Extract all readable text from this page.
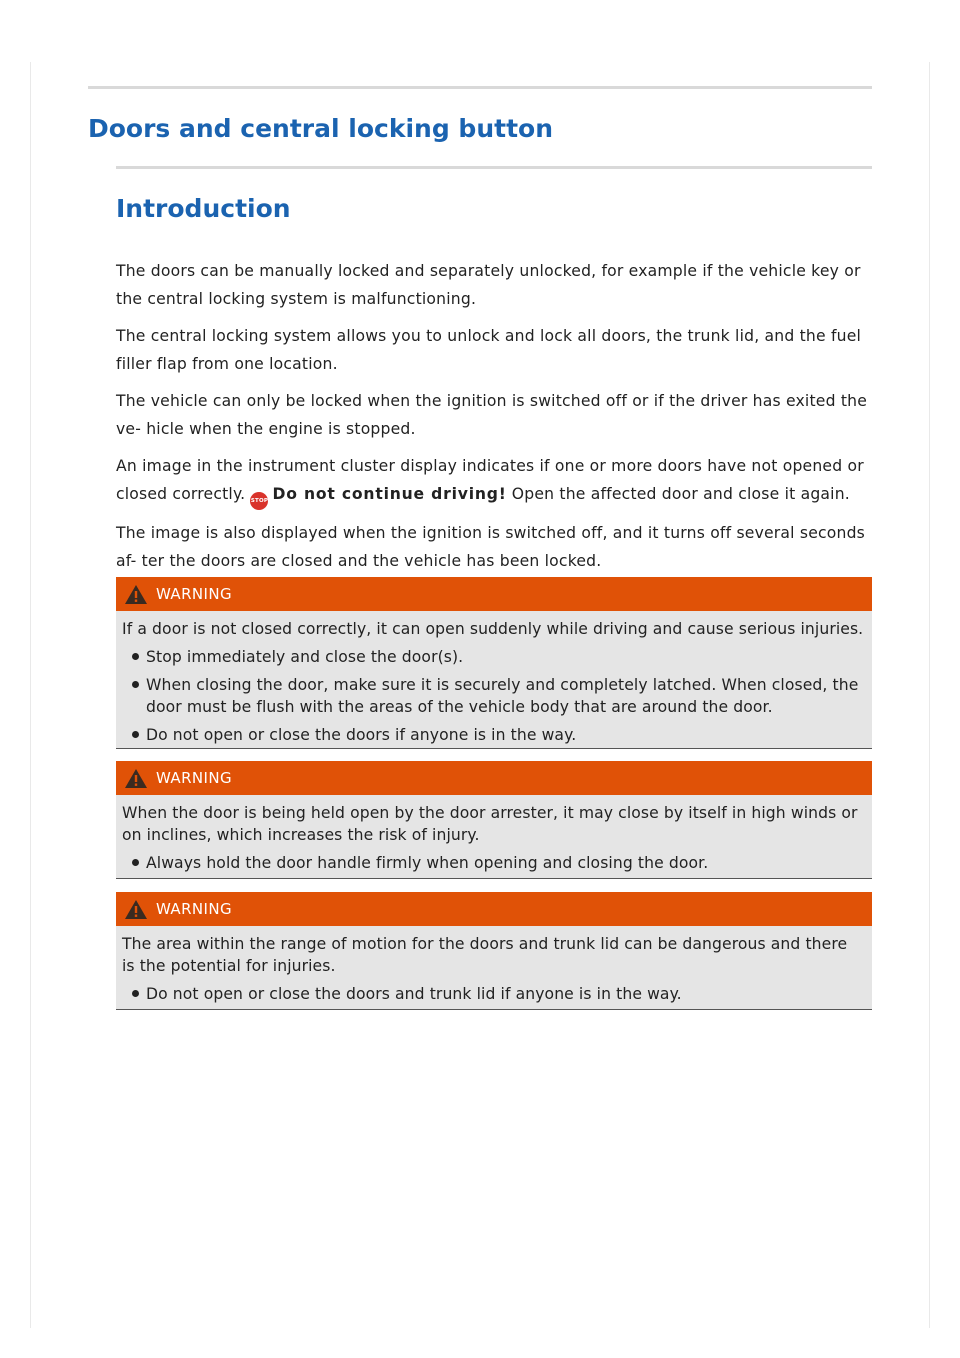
Doors and central locking button
Introduction

The doors can be manually locked and separately unlocked, for example if the vehicle key or the central locking system is malfunctioning.

The central locking system allows you to unlock and lock all doors, the trunk lid, and the fuel filler flap from one location.

The vehicle can only be locked when the ignition is switched off or if the driver has exited the ve- hicle when the engine is stopped.

An image in the instrument cluster display indicates if one or more doors have not opened or closed correctly. STOP Do not continue driving! Open the affected door and close it again.

The image is also displayed when the ignition is switched off, and it turns off several seconds af- ter the doors are closed and the vehicle has been locked.

WARNING

If a door is not closed correctly, it can open suddenly while driving and cause serious injuries.

Stop immediately and close the door(s).
When closing the door, make sure it is securely and completely latched. When closed, the door must be flush with the areas of the vehicle body that are around the door.
Do not open or close the doors if anyone is in the way.
WARNING

When the door is being held open by the door arrester, it may close by itself in high winds or on inclines, which increases the risk of injury.

Always hold the door handle firmly when opening and closing the door.
WARNING

The area within the range of motion for the doors and trunk lid can be dangerous and there is the potential for injuries.

Do not open or close the doors and trunk lid if anyone is in the way.
